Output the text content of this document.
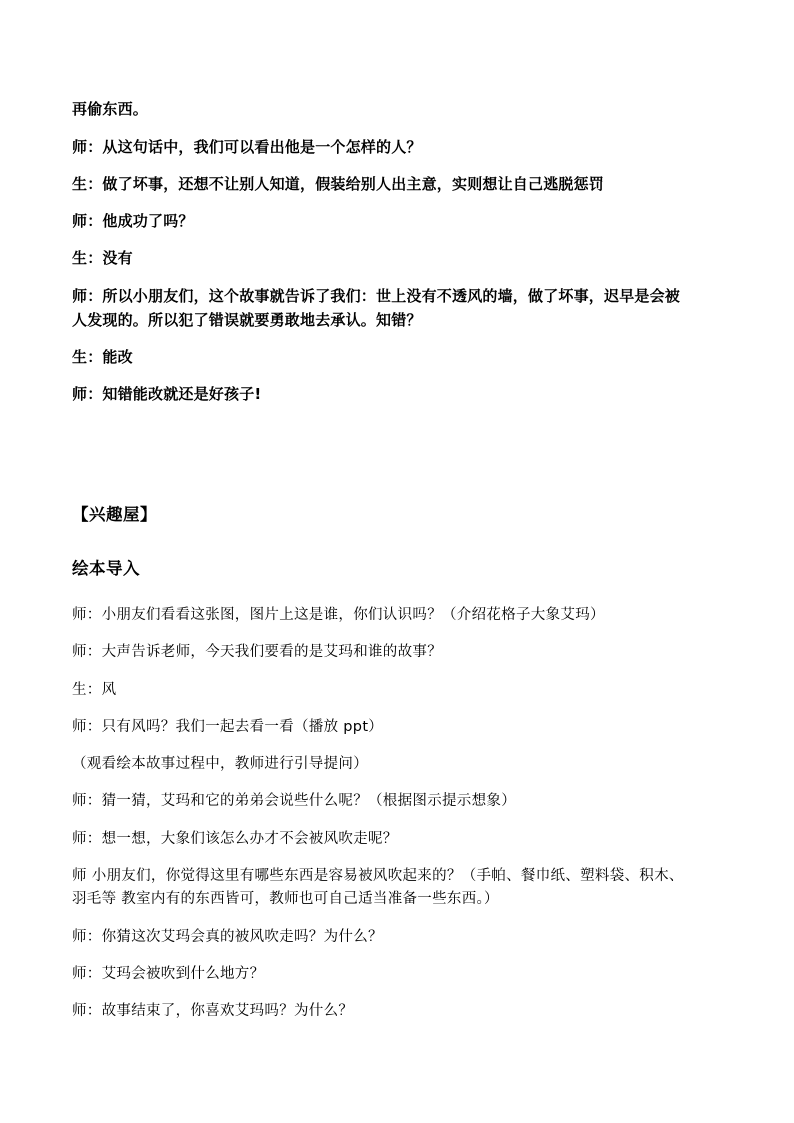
再偷东西。
师：从这句话中，我们可以看出他是一个怎样的人？
生：做了坏事，还想不让别人知道，假装给别人出主意，实则想让自己逃脱惩罚
师：他成功了吗？
生：没有
师：所以小朋友们，这个故事就告诉了我们：世上没有不透风的墙，做了坏事，迟早是会被
人发现的。所以犯了错误就要勇敢地去承认。知错？
生：能改
师：知错能改就还是好孩子!
【兴趣屋】
绘本导入
师：小朋友们看看这张图，图片上这是谁，你们认识吗？（介绍花格子大象艾玛）
师：大声告诉老师，今天我们要看的是艾玛和谁的故事？
生：风
师：只有风吗？我们一起去看一看（播放 ppt）
（观看绘本故事过程中，教师进行引导提问）
师：猜一猜，艾玛和它的弟弟会说些什么呢？（根据图示提示想象）
师：想一想，大象们该怎么办才不会被风吹走呢？
师 小朋友们，你觉得这里有哪些东西是容易被风吹起来的？（手帕、餐巾纸、塑料袋、积木、
羽毛等 教室内有的东西皆可，教师也可自己适当准备一些东西。）
师：你猜这次艾玛会真的被风吹走吗？为什么？
师：艾玛会被吹到什么地方？
师：故事结束了，你喜欢艾玛吗？为什么？
